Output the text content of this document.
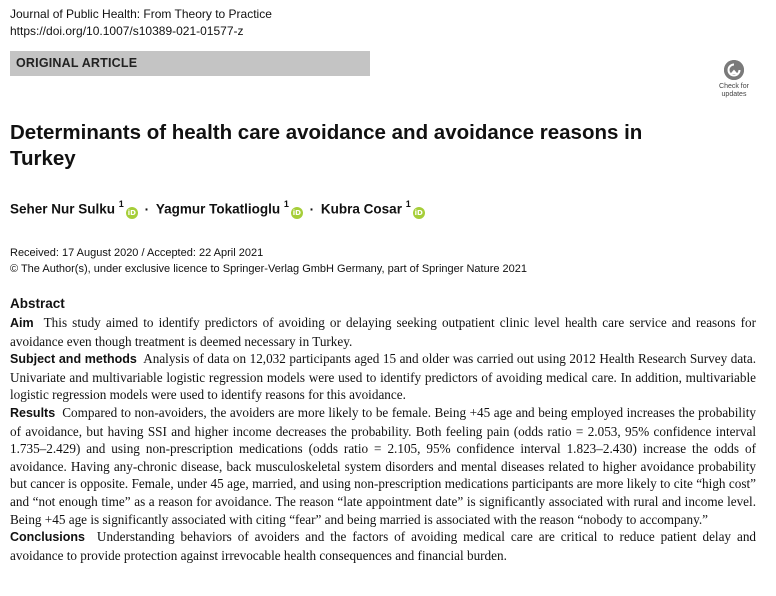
Journal of Public Health: From Theory to Practice
https://doi.org/10.1007/s10389-021-01577-z
ORIGINAL ARTICLE
Check for
updates
Determinants of health care avoidance and avoidance reasons in Turkey
Seher Nur Sulku $^1$iD · Yagmur Tokatlioglu $^1$iD · Kubra Cosar $^1$iD
Received: 17 August 2020 / Accepted: 22 April 2021
© The Author(s), under exclusive licence to Springer-Verlag GmbH Germany, part of Springer Nature 2021
Abstract

Aim This study aimed to identify predictors of avoiding or delaying seeking outpatient clinic level health care service and reasons for avoidance even though treatment is deemed necessary in Turkey.

Subject and methods Analysis of data on 12,032 participants aged 15 and older was carried out using 2012 Health Research Survey data. Univariate and multivariable logistic regression models were used to identify predictors of avoiding medical care. In addition, multivariable logistic regression models were used to identify reasons for this avoidance.

Results Compared to non-avoiders, the avoiders are more likely to be female. Being +45 age and being employed increases the probability of avoidance, but having SSI and higher income decreases the probability. Both feeling pain (odds ratio = 2.053, 95% confidence interval 1.735–2.429) and using non-prescription medications (odds ratio = 2.105, 95% confidence interval 1.823–2.430) increase the odds of avoidance. Having any-chronic disease, back musculoskeletal system disorders and mental diseases related to higher avoidance probability but cancer is opposite. Female, under 45 age, married, and using non-prescription medications participants are more likely to cite “high cost” and “not enough time” as a reason for avoidance. The reason “late appointment date” is significantly associated with rural and income level. Being +45 age is significantly associated with citing “fear” and being married is associated with the reason “nobody to accompany.”

Conclusions Understanding behaviors of avoiders and the factors of avoiding medical care are critical to reduce patient delay and avoidance to provide protection against irrevocable health consequences and financial burden.
